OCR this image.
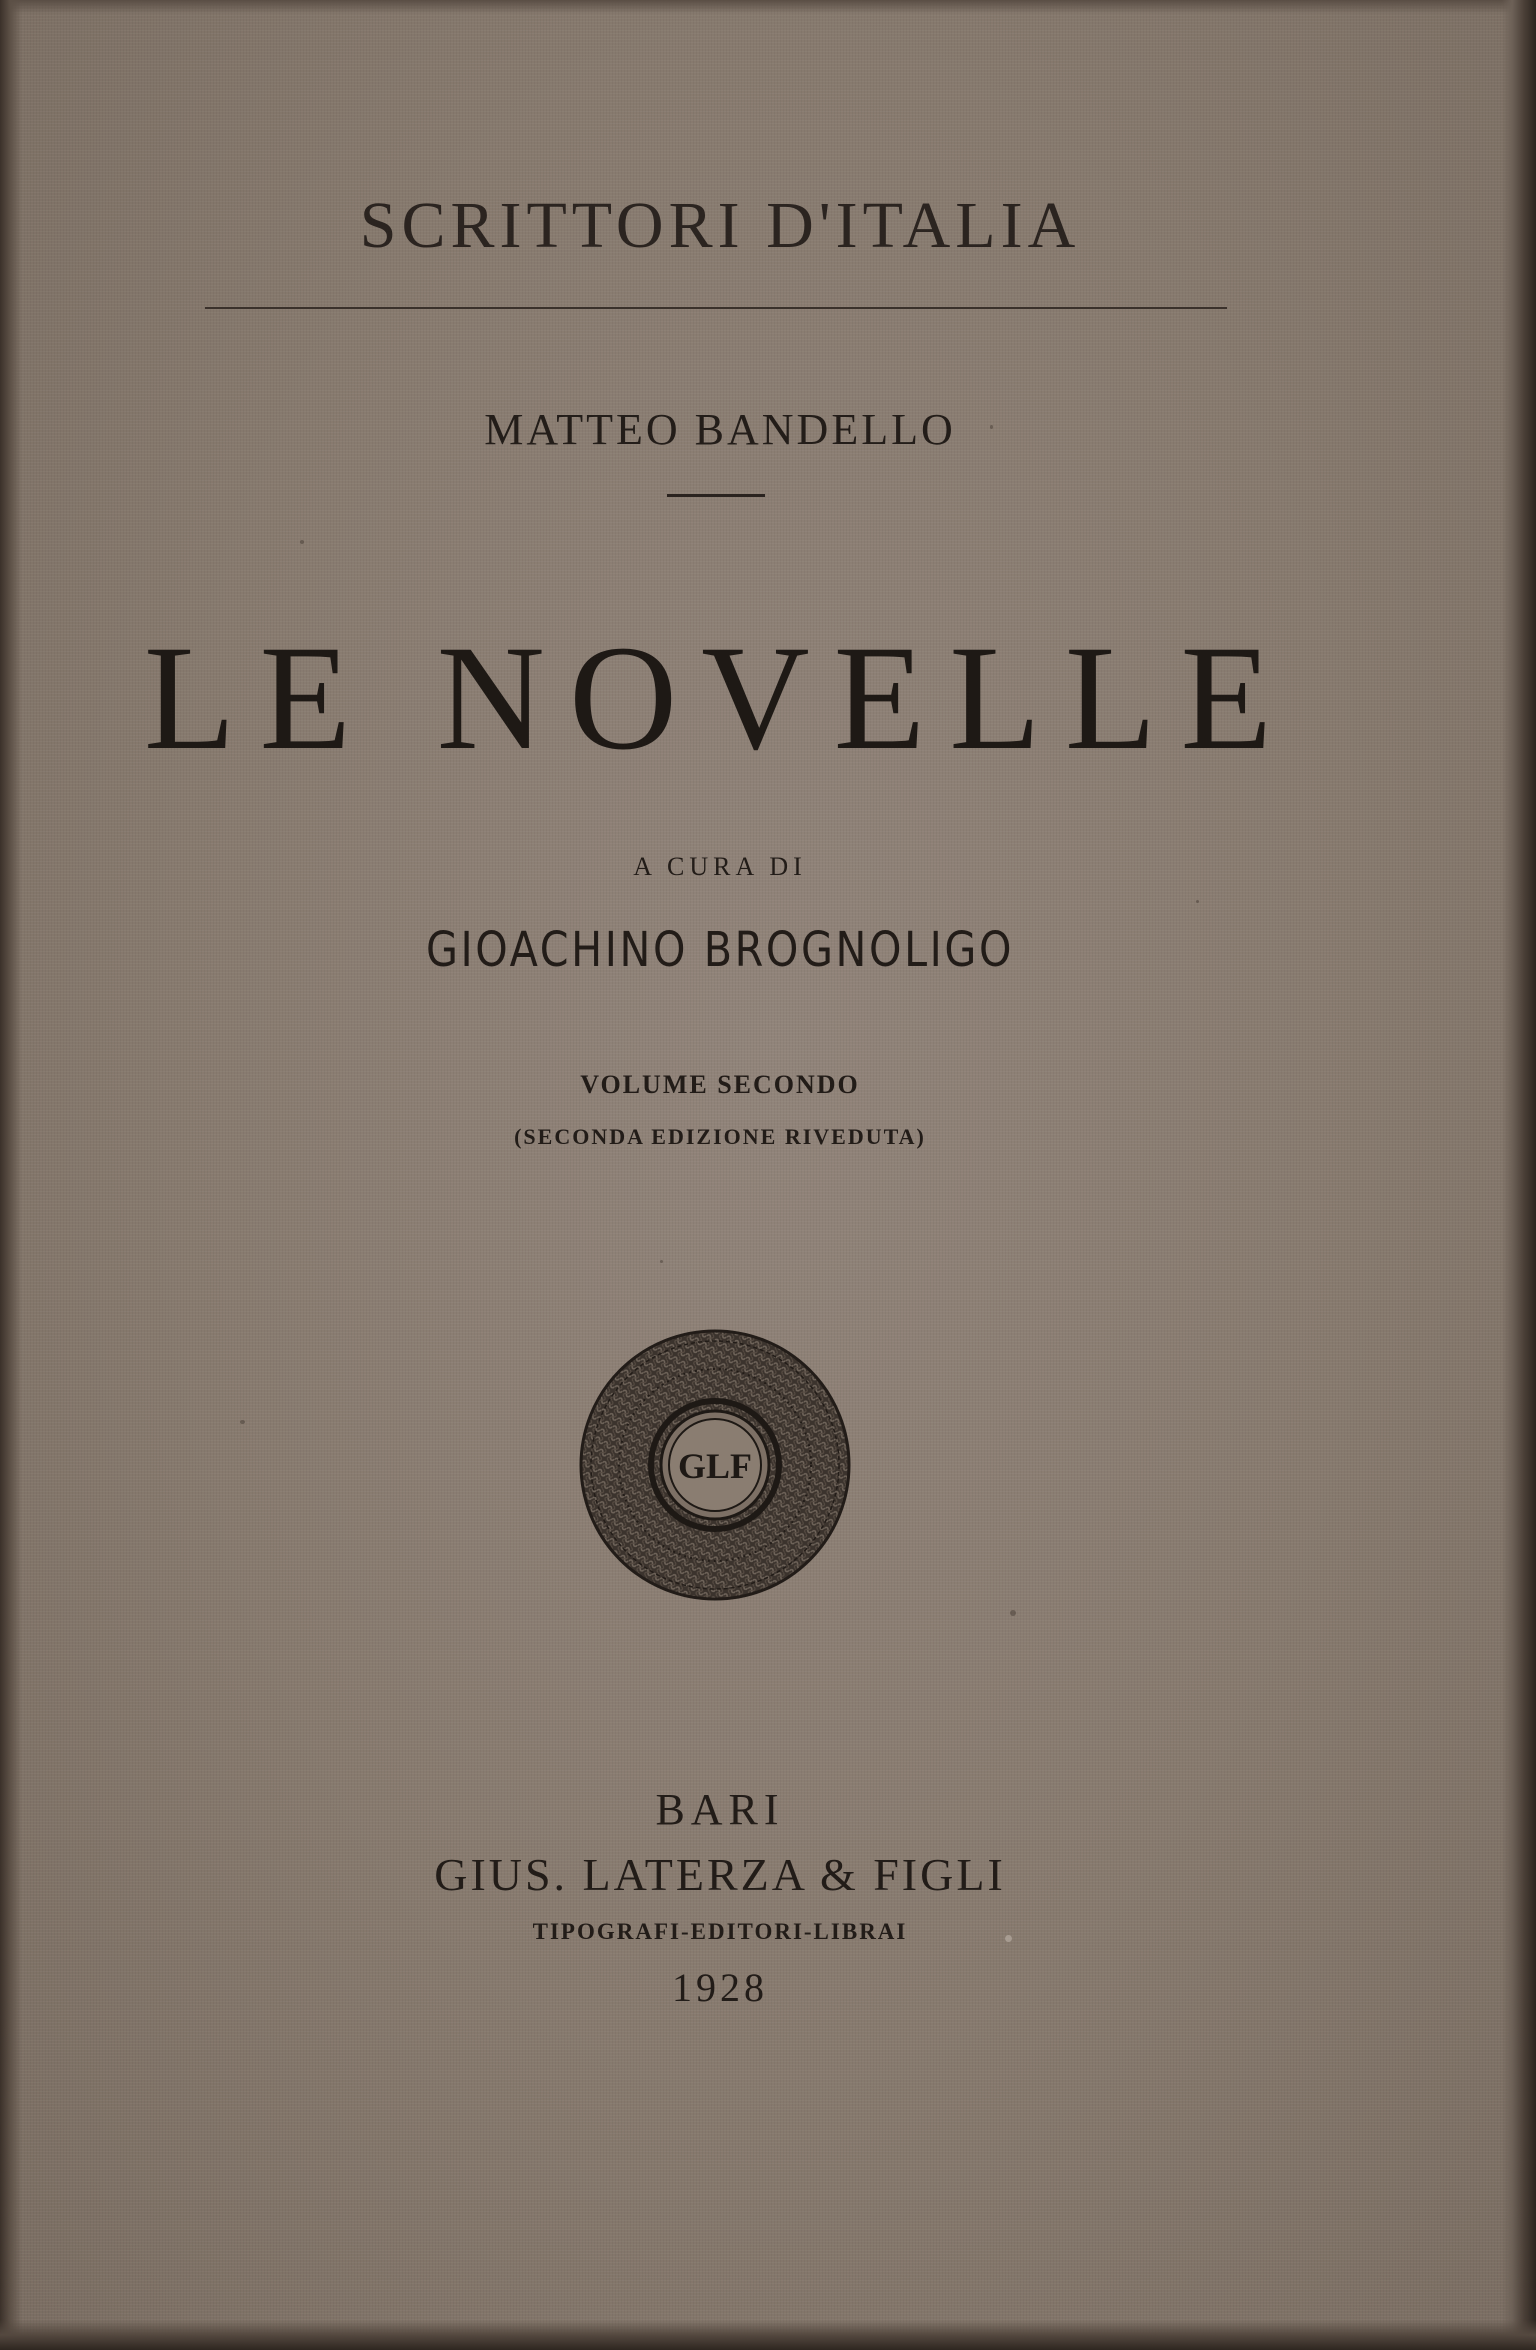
SCRITTORI D'ITALIA
MATTEO BANDELLO
LE NOVELLE
A CURA DI
GIOACHINO BROGNOLIGO
VOLUME SECONDO
(SECONDA EDIZIONE RIVEDUTA)
GLF
BARI
GIUS. LATERZA & FIGLI
TIPOGRAFI-EDITORI-LIBRAI
1928
